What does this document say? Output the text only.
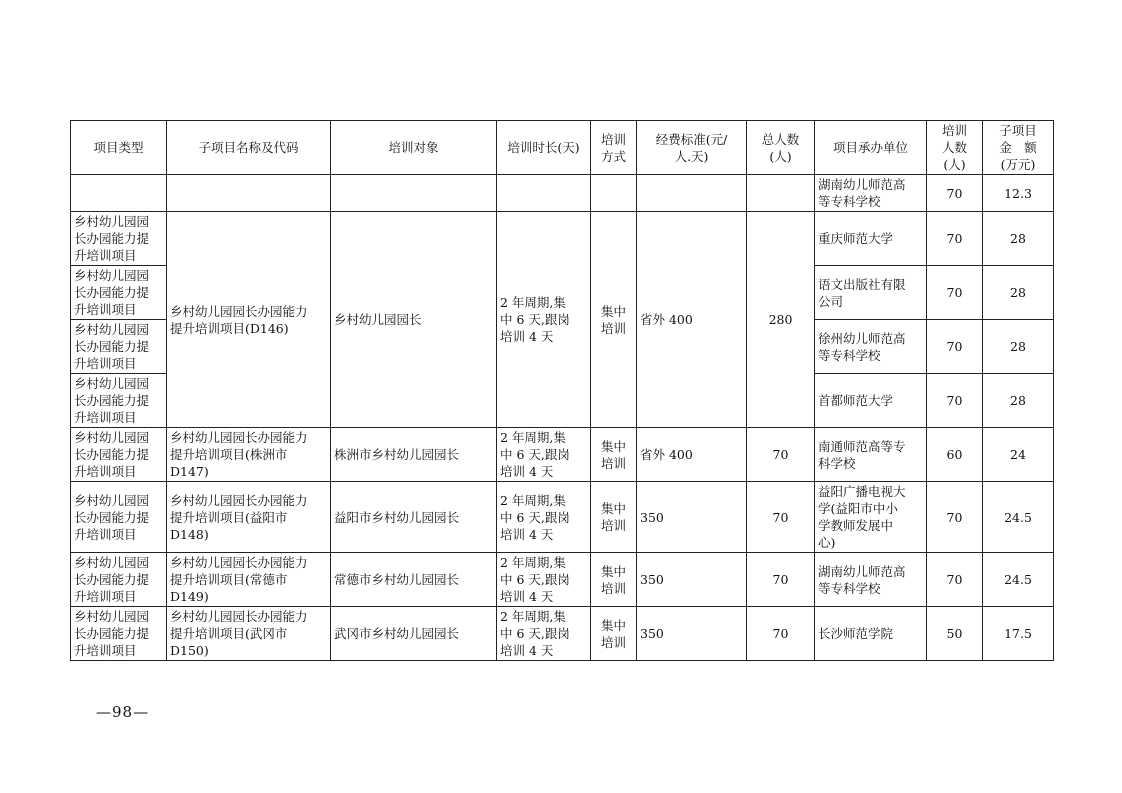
项目类型	子项目名称及代码	培训对象	培训时长(天)	培训
方式	经费标准(元/
人.天)	总人数
(人)	项目承办单位	培训
人数
(人)	子项目
金　额
(万元)
							湖南幼儿师范高
等专科学校	70	12.3
乡村幼儿园园
长办园能力提
升培训项目	乡村幼儿园园长办园能力
提升培训项目(D146)	乡村幼儿园园长	2 年周期,集
中 6 天,跟岗
培训 4 天	集中
培训	省外 400	280	重庆师范大学	70	28
乡村幼儿园园
长办园能力提
升培训项目							语文出版社有限
公司	70	28
乡村幼儿园园
长办园能力提
升培训项目							徐州幼儿师范高
等专科学校	70	28
乡村幼儿园园
长办园能力提
升培训项目							首都师范大学	70	28
乡村幼儿园园
长办园能力提
升培训项目	乡村幼儿园园长办园能力
提升培训项目(株洲市
D147)	株洲市乡村幼儿园园长	2 年周期,集
中 6 天,跟岗
培训 4 天	集中
培训	省外 400	70	南通师范高等专
科学校	60	24
乡村幼儿园园
长办园能力提
升培训项目	乡村幼儿园园长办园能力
提升培训项目(益阳市
D148)	益阳市乡村幼儿园园长	2 年周期,集
中 6 天,跟岗
培训 4 天	集中
培训	350	70	益阳广播电视大
学(益阳市中小
学教师发展中
心)	70	24.5
乡村幼儿园园
长办园能力提
升培训项目	乡村幼儿园园长办园能力
提升培训项目(常德市
D149)	常德市乡村幼儿园园长	2 年周期,集
中 6 天,跟岗
培训 4 天	集中
培训	350	70	湖南幼儿师范高
等专科学校	70	24.5
乡村幼儿园园
长办园能力提
升培训项目	乡村幼儿园园长办园能力
提升培训项目(武冈市
D150)	武冈市乡村幼儿园园长	2 年周期,集
中 6 天,跟岗
培训 4 天	集中
培训	350	70	长沙师范学院	50	17.5
—98—
